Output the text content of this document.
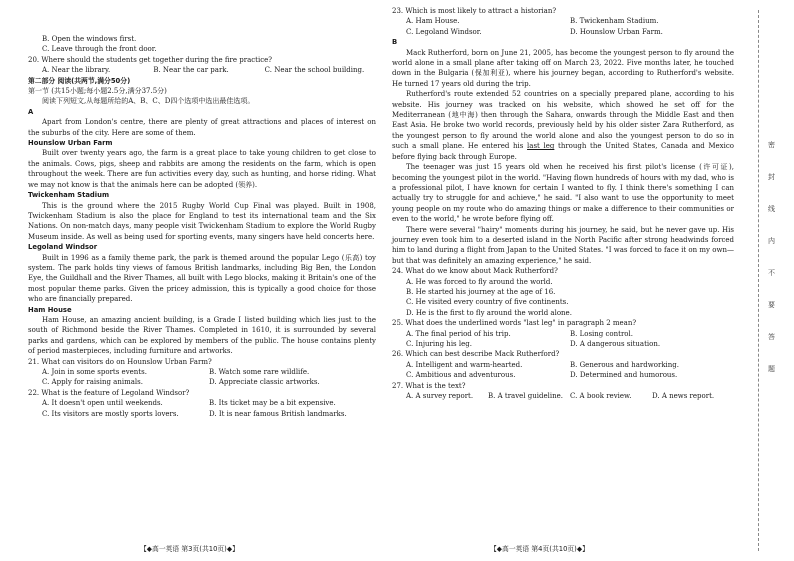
B. Open the windows first.

C. Leave through the front door.

20. Where should the students get together during the fire practice?

A. Near the library.	B. Near the car park.	C. Near the school building.

第二部分 阅读(共两节,满分50分)

第一节 (共15小题;每小题2.5分,满分37.5分)

阅读下列短文,从每题所给的A、B、C、D四个选项中选出最佳选项。

A

Apart from London's centre, there are plenty of great attractions and places of interest on the suburbs of the city. Here are some of them.

Hounslow Urban Farm

Built over twenty years ago, the farm is a great place to take young children to get close to the animals. Cows, pigs, sheep and rabbits are among the residents on the farm, which is open throughout the week. There are fun activities every day, such as hunting, and horse riding. What we may not know is that the animals here can be adopted (领养).

Twickenham Stadium

This is the ground where the 2015 Rugby World Cup Final was played. Built in 1908, Twickenham Stadium is also the place for England to test its international team and the Six Nations. On non-match days, many people visit Twickenham Stadium to explore the World Rugby Museum inside. As well as being used for sporting events, many singers have held concerts here.

Legoland Windsor

Built in 1996 as a family theme park, the park is themed around the popular Lego (乐高) toy system. The park holds tiny views of famous British landmarks, including Big Ben, the London Eye, the Guildhall and the River Thames, all built with Lego blocks, making it Britain's one of the most popular theme parks. Given the pricey admission, this is typically a good choice for those who are financially prepared.

Ham House

Ham House, an amazing ancient building, is a Grade Ⅰ listed building which lies just to the south of Richmond beside the River Thames. Completed in 1610, it is surrounded by several parks and gardens, which can be explored by members of the public. The house contains plenty of period masterpieces, including furniture and artworks.

21. What can visitors do on Hounslow Urban Farm?

A. Join in some sports events.	B. Watch some rare wildlife.
C. Apply for raising animals.	D. Appreciate classic artworks.

22. What is the feature of Legoland Windsor?

A. It doesn't open until weekends.	B. Its ticket may be a bit expensive.
C. Its visitors are mostly sports lovers.	D. It is near famous British landmarks.

23. Which is most likely to attract a historian?

A. Ham House.	B. Twickenham Stadium.
C. Legoland Windsor.	D. Hounslow Urban Farm.

B

Mack Rutherford, born on June 21, 2005, has become the youngest person to fly around the world alone in a small plane after taking off on March 23, 2022. Five months later, he touched down in the Bulgaria (保加利亚), where his journey began, according to Rutherford's website. He turned 17 years old during the trip.

Rutherford's route extended 52 countries on a specially prepared plane, according to his website. His journey was tracked on his website, which showed he set off for the Mediterranean (地中海) then through the Sahara, onwards through the Middle East and then East Asia. He broke two world records, previously held by his older sister Zara Rutherford, as the youngest person to fly around the world alone and also the youngest person to do so in such a small plane. He entered his last leg through the United States, Canada and Mexico before flying back through Europe.

The teenager was just 15 years old when he received his first pilot's license (许可证), becoming the youngest pilot in the world. "Having flown hundreds of hours with my dad, who is a professional pilot, I have known for certain I wanted to fly. I think there's something I can actually try to struggle for and achieve," he said. "I also want to use the opportunity to meet young people on my route who do amazing things or make a difference to their communities or even to the world," he wrote before flying off.

There were several "hairy" moments during his journey, he said, but he never gave up. His journey even took him to a deserted island in the North Pacific after strong headwinds forced him to land during a flight from Japan to the United States. "I was forced to face it on my own—but that was definitely an amazing experience," he said.

24. What do we know about Mack Rutherford?

A. He was forced to fly around the world.

B. He started his journey at the age of 16.

C. He visited every country of five continents.

D. He is the first to fly around the world alone.

25. What does the underlined words "last leg" in paragraph 2 mean?

A. The final period of his trip.	B. Losing control.
C. Injuring his leg.	D. A dangerous situation.

26. Which can best describe Mack Rutherford?

A. Intelligent and warm-hearted.	B. Generous and hardworking.
C. Ambitious and adventurous.	D. Determined and humorous.

27. What is the text?

A. A survey report.	B. A travel guideline.	C. A book review.	D. A news report.
【◆高一英语 第3页(共10页)◆】	【◆高一英语 第4页(共10页)◆】
密
封
线
内
不
要
答
题
